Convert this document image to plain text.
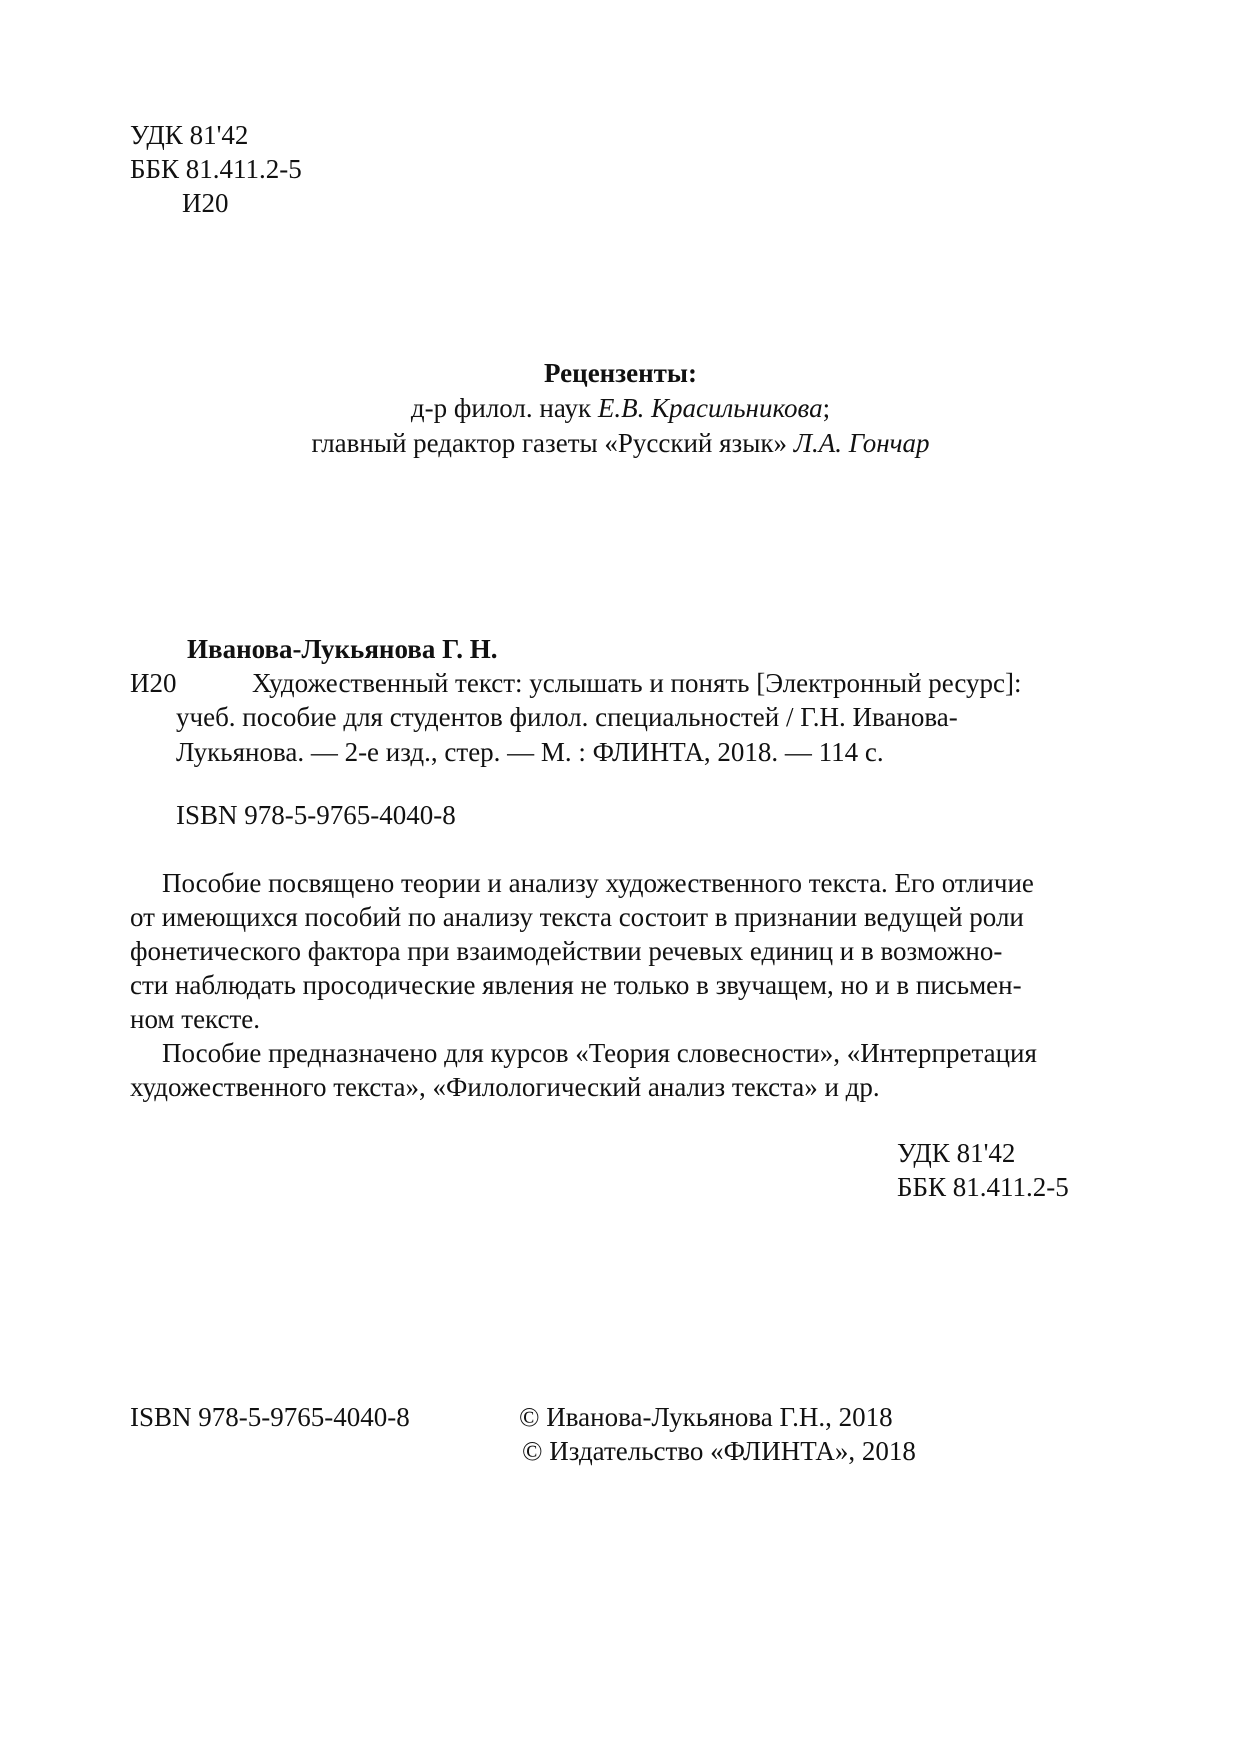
УДК 81'42
ББК 81.411.2-5
И20
Рецензенты:
д-р филол. наук Е.В. Красильникова;
главный редактор газеты «Русский язык» Л.А. Гончар
Иванова-Лукьянова Г. Н.
И20	Художественный текст: услышать и понять [Электронный ресурс]:
учеб. пособие для студентов филол. специальностей / Г.Н. Иванова-
Лукьянова. — 2-е изд., стер. — М. : ФЛИНТА, 2018. — 114 с.
ISBN 978-5-9765-4040-8
Пособие посвящено теории и анализу художественного текста. Его отличие
от имеющихся пособий по анализу текста состоит в признании ведущей роли
фонетического фактора при взаимодействии речевых единиц и в возможно-
сти наблюдать просодические явления не только в звучащем, но и в письмен-
ном тексте.
Пособие предназначено для курсов «Теория словесности», «Интерпретация
художественного текста», «Филологический анализ текста» и др.
УДК 81'42
ББК 81.411.2-5
ISBN 978-5-9765-4040-8	© Иванова-Лукьянова Г.Н., 2018
© Издательство «ФЛИНТА», 2018
